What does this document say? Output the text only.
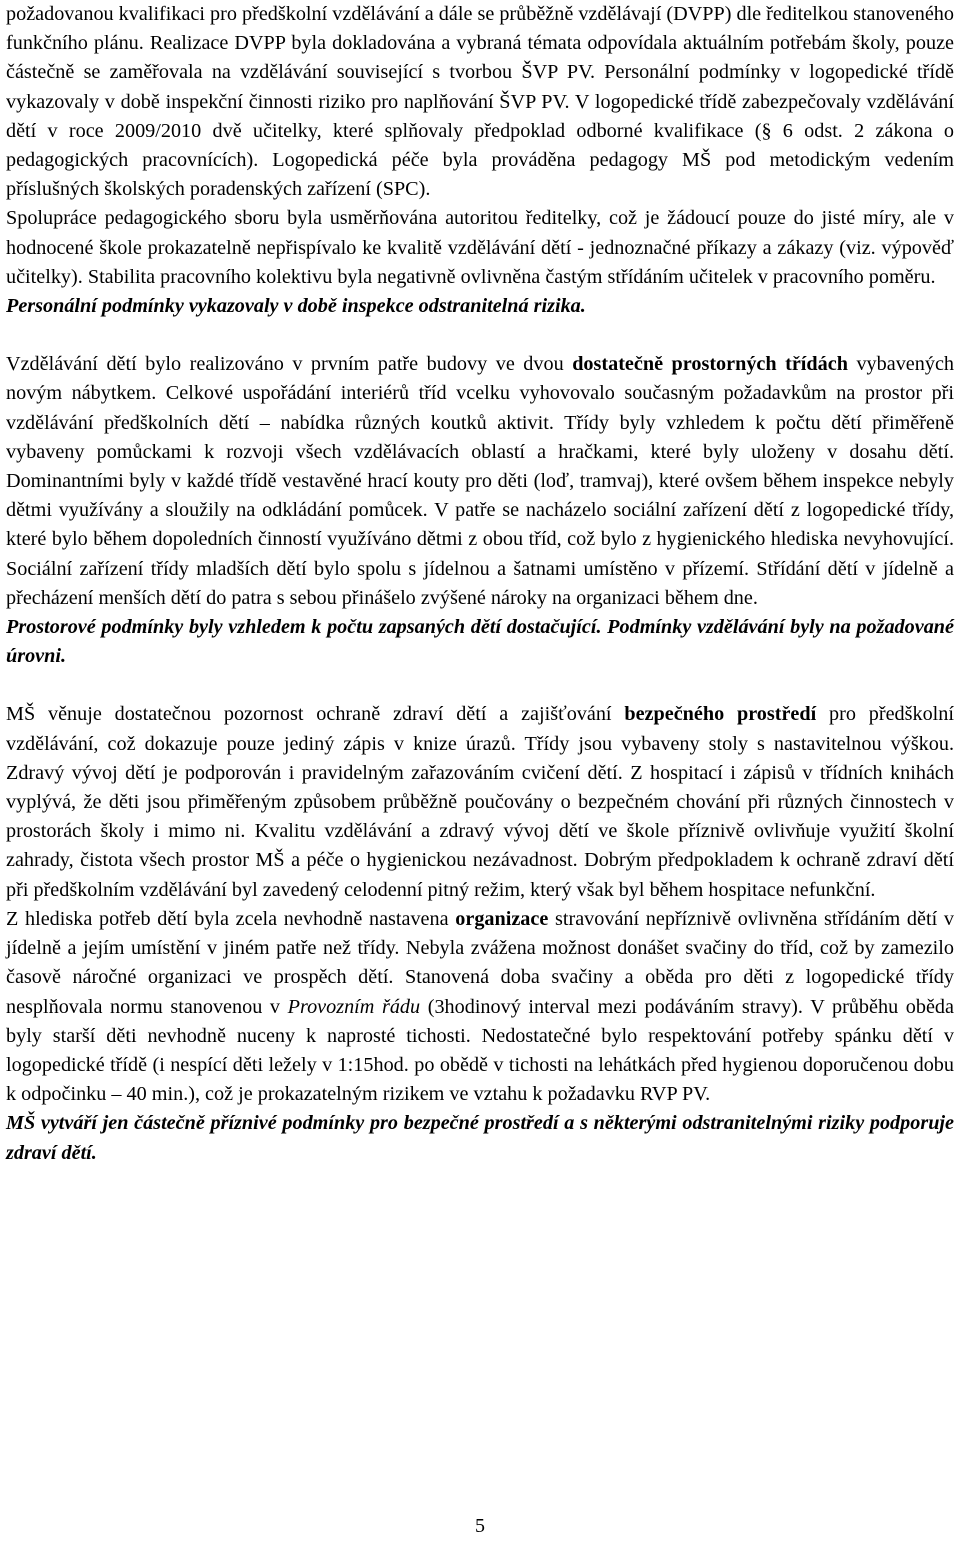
požadovanou kvalifikaci pro předškolní vzdělávání a dále se průběžně vzdělávají (DVPP) dle ředitelkou stanoveného funkčního plánu. Realizace DVPP byla dokladována a vybraná témata odpovídala aktuálním potřebám školy, pouze částečně se zaměřovala na vzdělávání související s tvorbou ŠVP PV. Personální podmínky v logopedické třídě vykazovaly v době inspekční činnosti riziko pro naplňování ŠVP PV. V logopedické třídě zabezpečovaly vzdělávání dětí v roce 2009/2010 dvě učitelky, které splňovaly předpoklad odborné kvalifikace (§ 6 odst. 2 zákona o pedagogických pracovnících). Logopedická péče byla prováděna pedagogy MŠ pod metodickým vedením příslušných školských poradenských zařízení (SPC).

Spolupráce pedagogického sboru byla usměrňována autoritou ředitelky, což je žádoucí pouze do jisté míry, ale v hodnocené škole prokazatelně nepřispívalo ke kvalitě vzdělávání dětí - jednoznačné příkazy a zákazy (viz. výpověď učitelky). Stabilita pracovního kolektivu byla negativně ovlivněna častým střídáním učitelek v pracovního poměru.

Personální podmínky vykazovaly v době inspekce odstranitelná rizika.

Vzdělávání dětí bylo realizováno v prvním patře budovy ve dvou dostatečně prostorných třídách vybavených novým nábytkem. Celkové uspořádání interiérů tříd vcelku vyhovovalo současným požadavkům na prostor při vzdělávání předškolních dětí – nabídka různých koutků aktivit. Třídy byly vzhledem k počtu dětí přiměřeně vybaveny pomůckami k rozvoji všech vzdělávacích oblastí a hračkami, které byly uloženy v dosahu dětí. Dominantními byly v každé třídě vestavěné hrací kouty pro děti (loď, tramvaj), které ovšem během inspekce nebyly dětmi využívány a sloužily na odkládání pomůcek. V patře se nacházelo sociální zařízení dětí z logopedické třídy, které bylo během dopoledních činností využíváno dětmi z obou tříd, což bylo z hygienického hlediska nevyhovující. Sociální zařízení třídy mladších dětí bylo spolu s jídelnou a šatnami umístěno v přízemí. Střídání dětí v jídelně a přecházení menších dětí do patra s sebou přinášelo zvýšené nároky na organizaci během dne.

Prostorové podmínky byly vzhledem k počtu zapsaných dětí dostačující. Podmínky vzdělávání byly na požadované úrovni.

MŠ věnuje dostatečnou pozornost ochraně zdraví dětí a zajišťování bezpečného prostředí pro předškolní vzdělávání, což dokazuje pouze jediný zápis v knize úrazů. Třídy jsou vybaveny stoly s nastavitelnou výškou. Zdravý vývoj dětí je podporován i pravidelným zařazováním cvičení dětí. Z hospitací i zápisů v třídních knihách vyplývá, že děti jsou přiměřeným způsobem průběžně poučovány o bezpečném chování při různých činnostech v prostorách školy i mimo ni. Kvalitu vzdělávání a zdravý vývoj dětí ve škole příznivě ovlivňuje využití školní zahrady, čistota všech prostor MŠ a péče o hygienickou nezávadnost. Dobrým předpokladem k ochraně zdraví dětí při předškolním vzdělávání byl zavedený celodenní pitný režim, který však byl během hospitace nefunkční.

Z hlediska potřeb dětí byla zcela nevhodně nastavena organizace stravování nepříznivě ovlivněna střídáním dětí v jídelně a jejím umístění v jiném patře než třídy. Nebyla zvážena možnost donášet svačiny do tříd, což by zamezilo časově náročné organizaci ve prospěch dětí. Stanovená doba svačiny a oběda pro děti z logopedické třídy nesplňovala normu stanovenou v Provozním řádu (3hodinový interval mezi podáváním stravy). V průběhu oběda byly starší děti nevhodně nuceny k naprosté tichosti. Nedostatečné bylo respektování potřeby spánku dětí v logopedické třídě (i nespící děti ležely v 1:15hod. po obědě v tichosti na lehátkách před hygienou doporučenou dobu k odpočinku – 40 min.), což je prokazatelným rizikem ve vztahu k požadavku RVP PV.

MŠ vytváří jen částečně příznivé podmínky pro bezpečné prostředí a s některými odstranitelnými riziky podporuje zdraví dětí.

5
